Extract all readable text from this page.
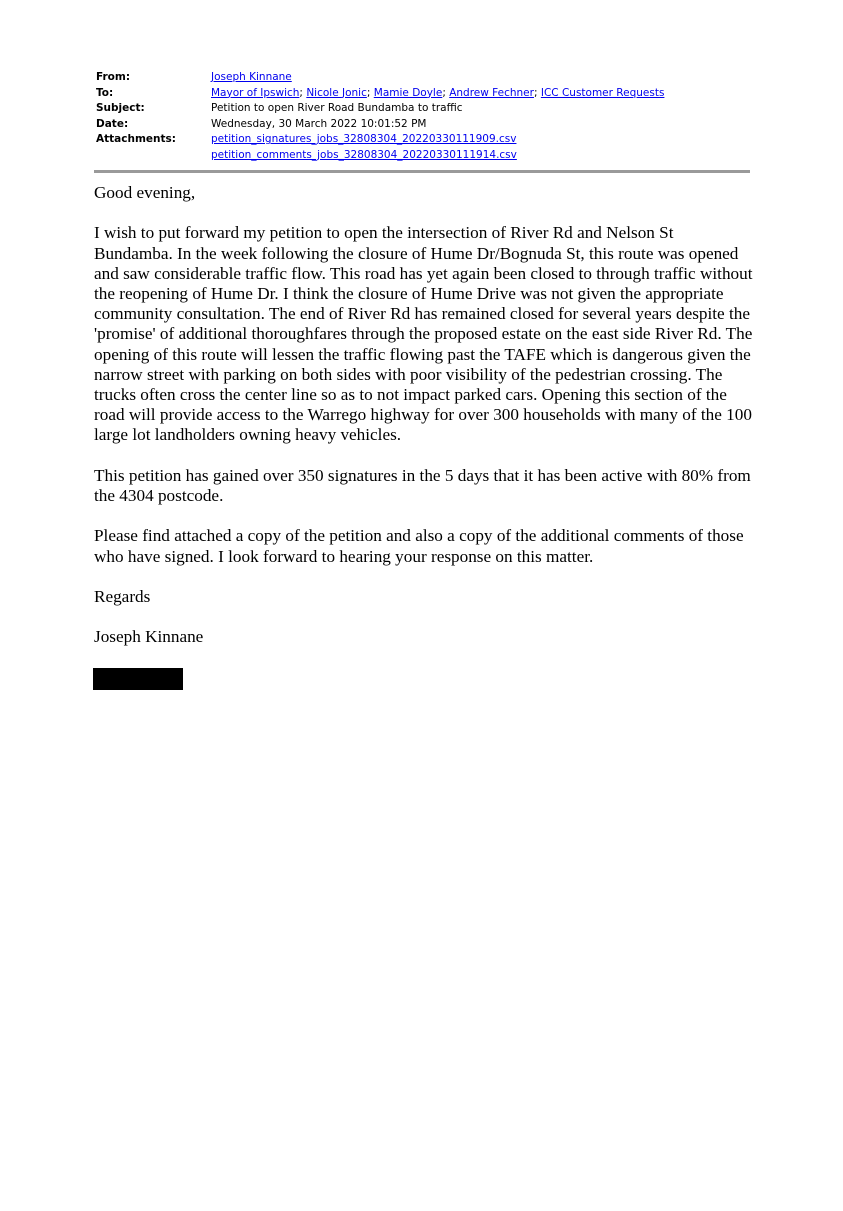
From:	Joseph Kinnane
To:	Mayor of Ipswich; Nicole Jonic; Mamie Doyle; Andrew Fechner; ICC Customer Requests
Subject:	Petition to open River Road Bundamba to traffic
Date:	Wednesday, 30 March 2022 10:01:52 PM
Attachments:	petition_signatures_jobs_32808304_20220330111909.csv
petition_comments_jobs_32808304_20220330111914.csv

Good evening,

I wish to put forward my petition to open the intersection of River Rd and Nelson St Bundamba. In the week following the closure of Hume Dr/Bognuda St, this route was opened and saw considerable traffic flow. This road has yet again been closed to through traffic without the reopening of Hume Dr. I think the closure of Hume Drive was not given the appropriate community consultation. The end of River Rd has remained closed for several years despite the 'promise' of additional thoroughfares through the proposed estate on the east side River Rd. The opening of this route will lessen the traffic flowing past the TAFE which is dangerous given the narrow street with parking on both sides with poor visibility of the pedestrian crossing. The trucks often cross the center line so as to not impact parked cars. Opening this section of the road will provide access to the Warrego highway for over 300 households with many of the 100 large lot landholders owning heavy vehicles.

This petition has gained over 350 signatures in the 5 days that it has been active with 80% from the 4304 postcode.

Please find attached a copy of the petition and also a copy of the additional comments of those who have signed. I look forward to hearing your response on this matter.

Regards

Joseph Kinnane
